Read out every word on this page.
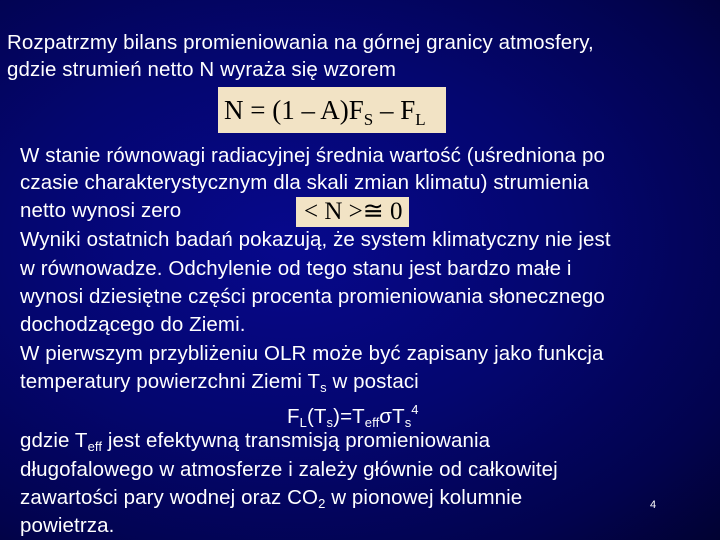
Rozpatrzmy bilans promieniowania na górnej granicy atmosfery,
gdzie strumień netto N wyraża się wzorem
$N = (1 - A)F_S - F_L$
W stanie równowagi radiacyjnej średnia wartość (uśredniona po
czasie charakterystycznym dla skali zmian klimatu) strumienia
netto wynosi zero	< N >≅ 0
Wyniki ostatnich badań pokazują, że system klimatyczny nie jest
w równowadze. Odchylenie od tego stanu jest bardzo małe i
wynosi dziesiętne części procenta promieniowania słonecznego
dochodzącego do Ziemi.
W pierwszym przybliżeniu OLR może być zapisany jako funkcja
temperatury powierzchni Ziemi $T_s$ w postaci
$F_L(T_s)=T_{eff}\sigma T_s^4$
gdzie $T_{eff}$ jest efektywną transmisją promieniowania
długofalowego w atmosferze i zależy głównie od całkowitej
zawartości pary wodnej oraz $CO_2$ w pionowej kolumnie
powietrza.
4
